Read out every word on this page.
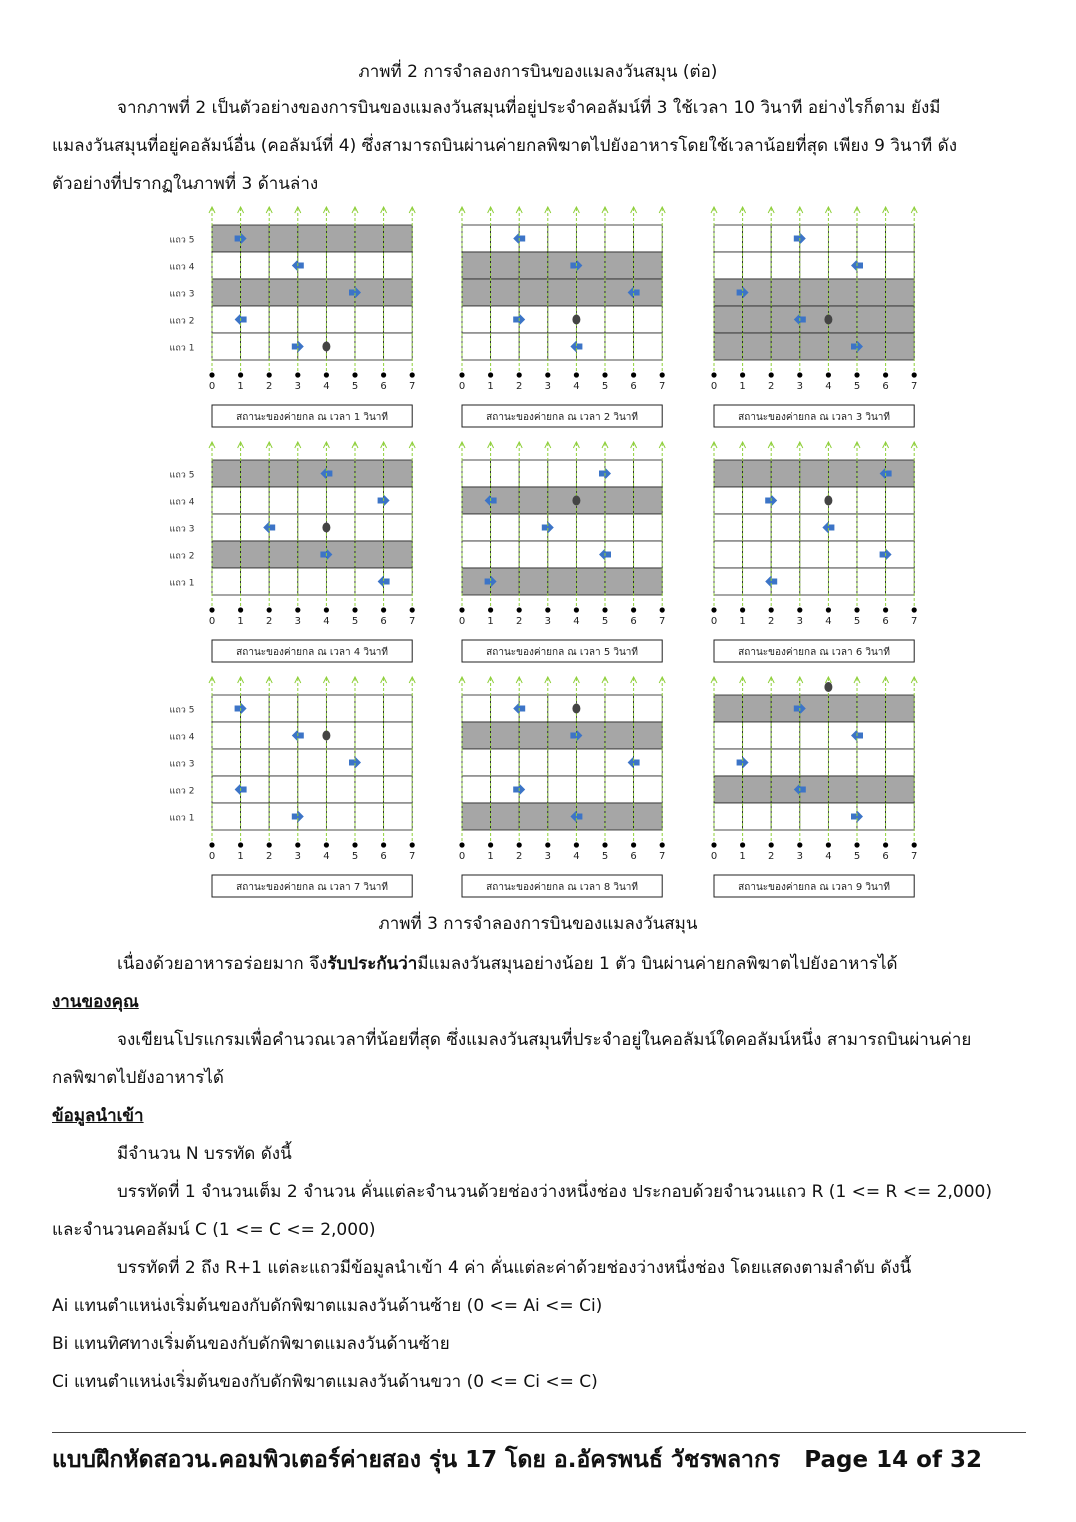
ภาพที่ 2 การจำลองการบินของแมลงวันสมุน (ต่อ)
จากภาพที่ 2 เป็นตัวอย่างของการบินของแมลงวันสมุนที่อยู่ประจำคอลัมน์ที่ 3 ใช้เวลา 10 วินาที อย่างไรก็ตาม ยังมี
แมลงวันสมุนที่อยู่คอลัมน์อื่น (คอลัมน์ที่ 4) ซึ่งสามารถบินผ่านค่ายกลพิฆาตไปยังอาหารโดยใช้เวลาน้อยที่สุด เพียง 9 วินาที ดัง
ตัวอย่างที่ปรากฏในภาพที่ 3 ด้านล่าง
แถว 5
แถว 4
แถว 3
แถว 2
แถว 1
0 1 2 3 4 5 6 7
สถานะของค่ายกล ณ เวลา 1 วินาที
0 1 2 3 4 5 6 7
สถานะของค่ายกล ณ เวลา 2 วินาที
0 1 2 3 4 5 6 7
สถานะของค่ายกล ณ เวลา 3 วินาที
แถว 5
แถว 4
แถว 3
แถว 2
แถว 1
0 1 2 3 4 5 6 7
สถานะของค่ายกล ณ เวลา 4 วินาที
0 1 2 3 4 5 6 7
สถานะของค่ายกล ณ เวลา 5 วินาที
0 1 2 3 4 5 6 7
สถานะของค่ายกล ณ เวลา 6 วินาที
แถว 5
แถว 4
แถว 3
แถว 2
แถว 1
0 1 2 3 4 5 6 7
สถานะของค่ายกล ณ เวลา 7 วินาที
0 1 2 3 4 5 6 7
สถานะของค่ายกล ณ เวลา 8 วินาที
0 1 2 3 4 5 6 7
สถานะของค่ายกล ณ เวลา 9 วินาที
ภาพที่ 3 การจำลองการบินของแมลงวันสมุน
เนื่องด้วยอาหารอร่อยมาก จึงรับประกันว่ามีแมลงวันสมุนอย่างน้อย 1 ตัว บินผ่านค่ายกลพิฆาตไปยังอาหารได้
งานของคุณ
จงเขียนโปรแกรมเพื่อคำนวณเวลาที่น้อยที่สุด ซึ่งแมลงวันสมุนที่ประจำอยู่ในคอลัมน์ใดคอลัมน์หนึ่ง สามารถบินผ่านค่าย
กลพิฆาตไปยังอาหารได้
ข้อมูลนำเข้า
มีจำนวน N บรรทัด ดังนี้
บรรทัดที่ 1 จำนวนเต็ม 2 จำนวน คั่นแต่ละจำนวนด้วยช่องว่างหนึ่งช่อง ประกอบด้วยจำนวนแถว R (1 <= R <= 2,000)
และจำนวนคอลัมน์ C (1 <= C <= 2,000)
บรรทัดที่ 2 ถึง R+1 แต่ละแถวมีข้อมูลนำเข้า 4 ค่า คั่นแต่ละค่าด้วยช่องว่างหนึ่งช่อง โดยแสดงตามลำดับ ดังนี้
Ai แทนตำแหน่งเริ่มต้นของกับดักพิฆาตแมลงวันด้านซ้าย (0 <= Ai <= Ci)
Bi แทนทิศทางเริ่มต้นของกับดักพิฆาตแมลงวันด้านซ้าย
Ci แทนตำแหน่งเริ่มต้นของกับดักพิฆาตแมลงวันด้านขวา (0 <= Ci <= C)
แบบฝึกหัดสอวน.คอมพิวเตอร์ค่ายสอง รุ่น 17 โดย อ.อัครพนธ์ วัชรพลากร Page 14 of 32
